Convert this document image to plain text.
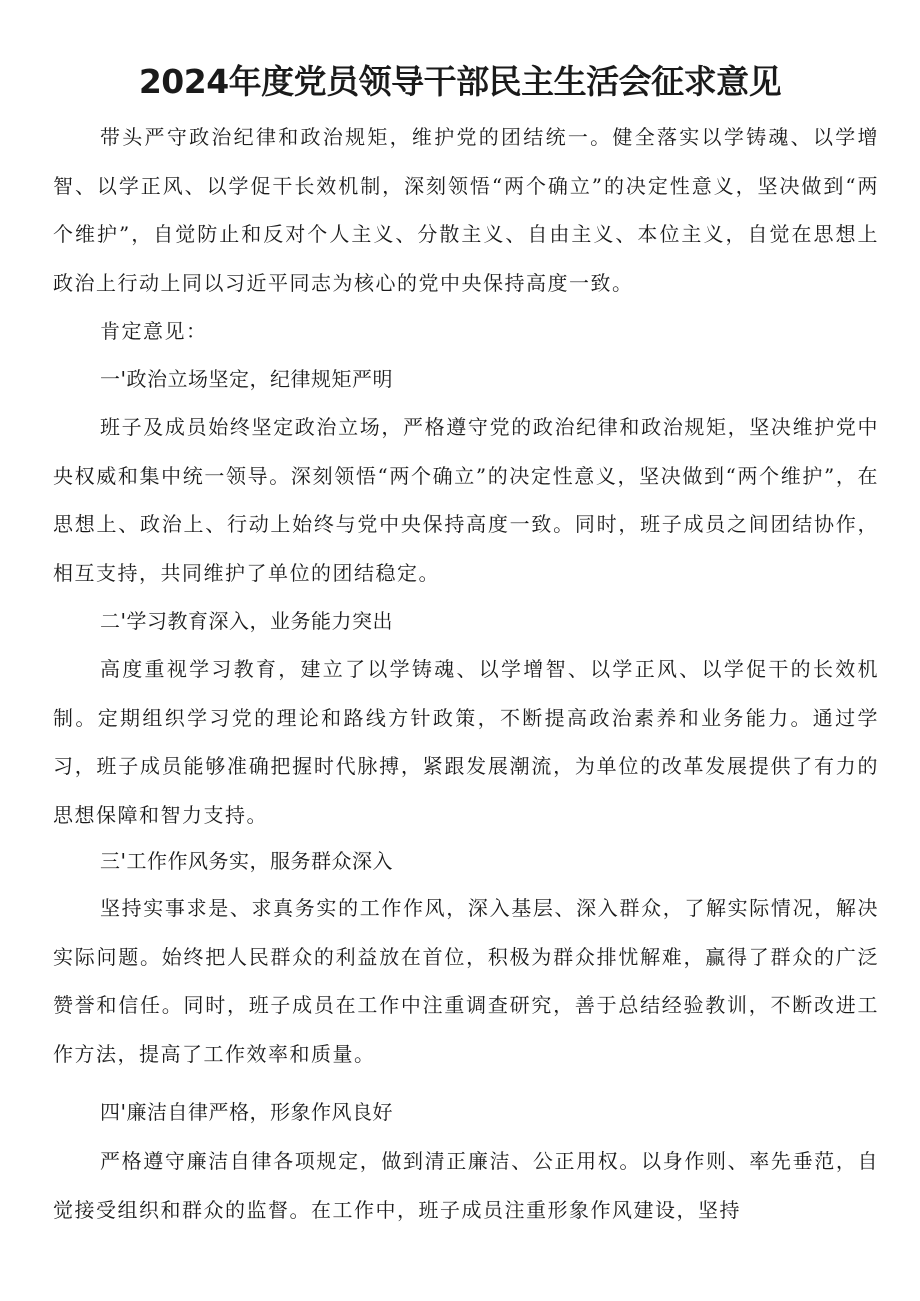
2024年度党员领导干部民主生活会征求意见

带头严守政治纪律和政治规矩，维护党的团结统一。健全落实以学铸魂、以学增智、以学正风、以学促干长效机制，深刻领悟“两个确立”的决定性意义，坚决做到“两个维护”，自觉防止和反对个人主义、分散主义、自由主义、本位主义，自觉在思想上政治上行动上同以习近平同志为核心的党中央保持高度一致。

肯定意见：

一'政治立场坚定，纪律规矩严明

班子及成员始终坚定政治立场，严格遵守党的政治纪律和政治规矩，坚决维护党中央权威和集中统一领导。深刻领悟“两个确立”的决定性意义，坚决做到“两个维护”，在思想上、政治上、行动上始终与党中央保持高度一致。同时，班子成员之间团结协作，相互支持，共同维护了单位的团结稳定。

二'学习教育深入，业务能力突出

高度重视学习教育，建立了以学铸魂、以学增智、以学正风、以学促干的长效机制。定期组织学习党的理论和路线方针政策，不断提高政治素养和业务能力。通过学习，班子成员能够准确把握时代脉搏，紧跟发展潮流，为单位的改革发展提供了有力的思想保障和智力支持。

三'工作作风务实，服务群众深入

坚持实事求是、求真务实的工作作风，深入基层、深入群众，了解实际情况，解决实际问题。始终把人民群众的利益放在首位，积极为群众排忧解难，赢得了群众的广泛赞誉和信任。同时，班子成员在工作中注重调查研究，善于总结经验教训，不断改进工作方法，提高了工作效率和质量。

四'廉洁自律严格，形象作风良好

严格遵守廉洁自律各项规定，做到清正廉洁、公正用权。以身作则、率先垂范，自觉接受组织和群众的监督。在工作中，班子成员注重形象作风建设，坚持
